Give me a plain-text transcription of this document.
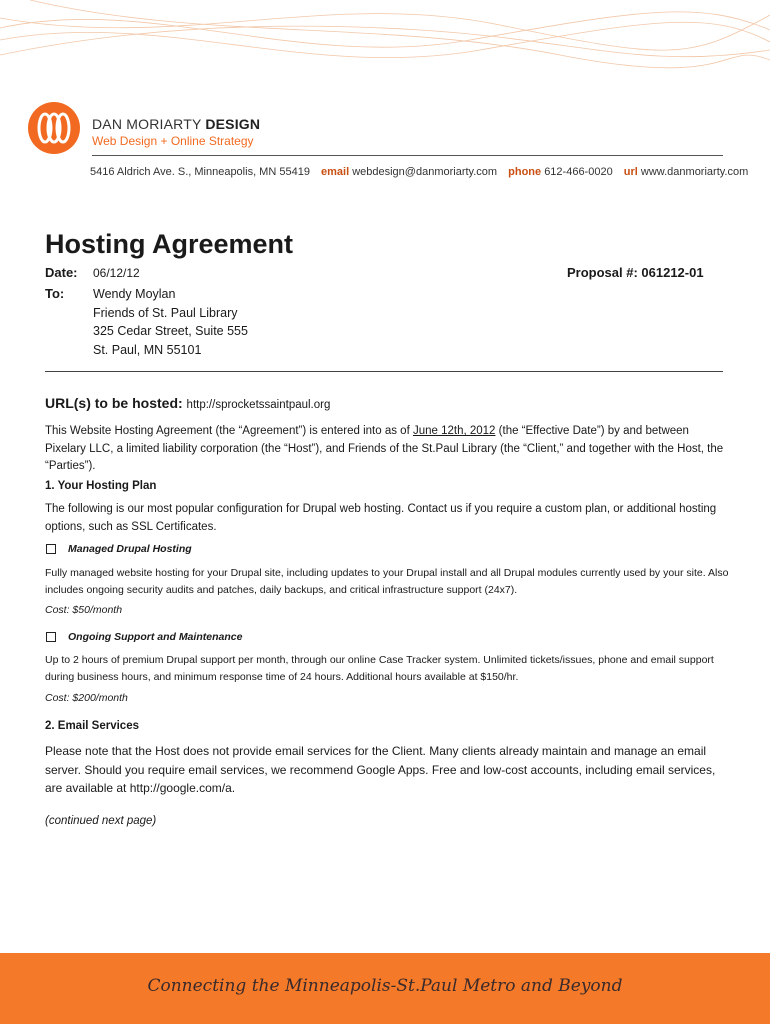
DAN MORIARTY DESIGN
Web Design + Online Strategy
5416 Aldrich Ave. S., Minneapolis, MN 55419 email webdesign@danmoriarty.com phone 612-466-0020 url www.danmoriarty.com
Hosting Agreement
Date: 06/12/12
To: Wendy Moylan
Friends of St. Paul Library
325 Cedar Street, Suite 555
St. Paul, MN 55101
Proposal #: 061212-01
URL(s) to be hosted: http://sprocketssaintpaul.org
This Website Hosting Agreement (the “Agreement”) is entered into as of June 12th, 2012 (the “Effective Date”) by and between Pixelary LLC, a limited liability corporation (the “Host”), and Friends of the St.Paul Library (the “Client,” and together with the Host, the “Parties”).
1. Your Hosting Plan
The following is our most popular configuration for Drupal web hosting. Contact us if you require a custom plan, or additional hosting options, such as SSL Certificates.
Managed Drupal Hosting
Fully managed website hosting for your Drupal site, including updates to your Drupal install and all Drupal modules currently used by your site. Also includes ongoing security audits and patches, daily backups, and critical infrastructure support (24x7).
Cost: $50/month
Ongoing Support and Maintenance
Up to 2 hours of premium Drupal support per month, through our online Case Tracker system. Unlimited tickets/issues, phone and email support during business hours, and minimum response time of 24 hours. Additional hours available at $150/hr.
Cost: $200/month
2. Email Services
Please note that the Host does not provide email services for the Client. Many clients already maintain and manage an email server. Should you require email services, we recommend Google Apps. Free and low-cost accounts, including email services, are available at http://google.com/a.
(continued next page)
Connecting the Minneapolis-St.Paul Metro and Beyond
